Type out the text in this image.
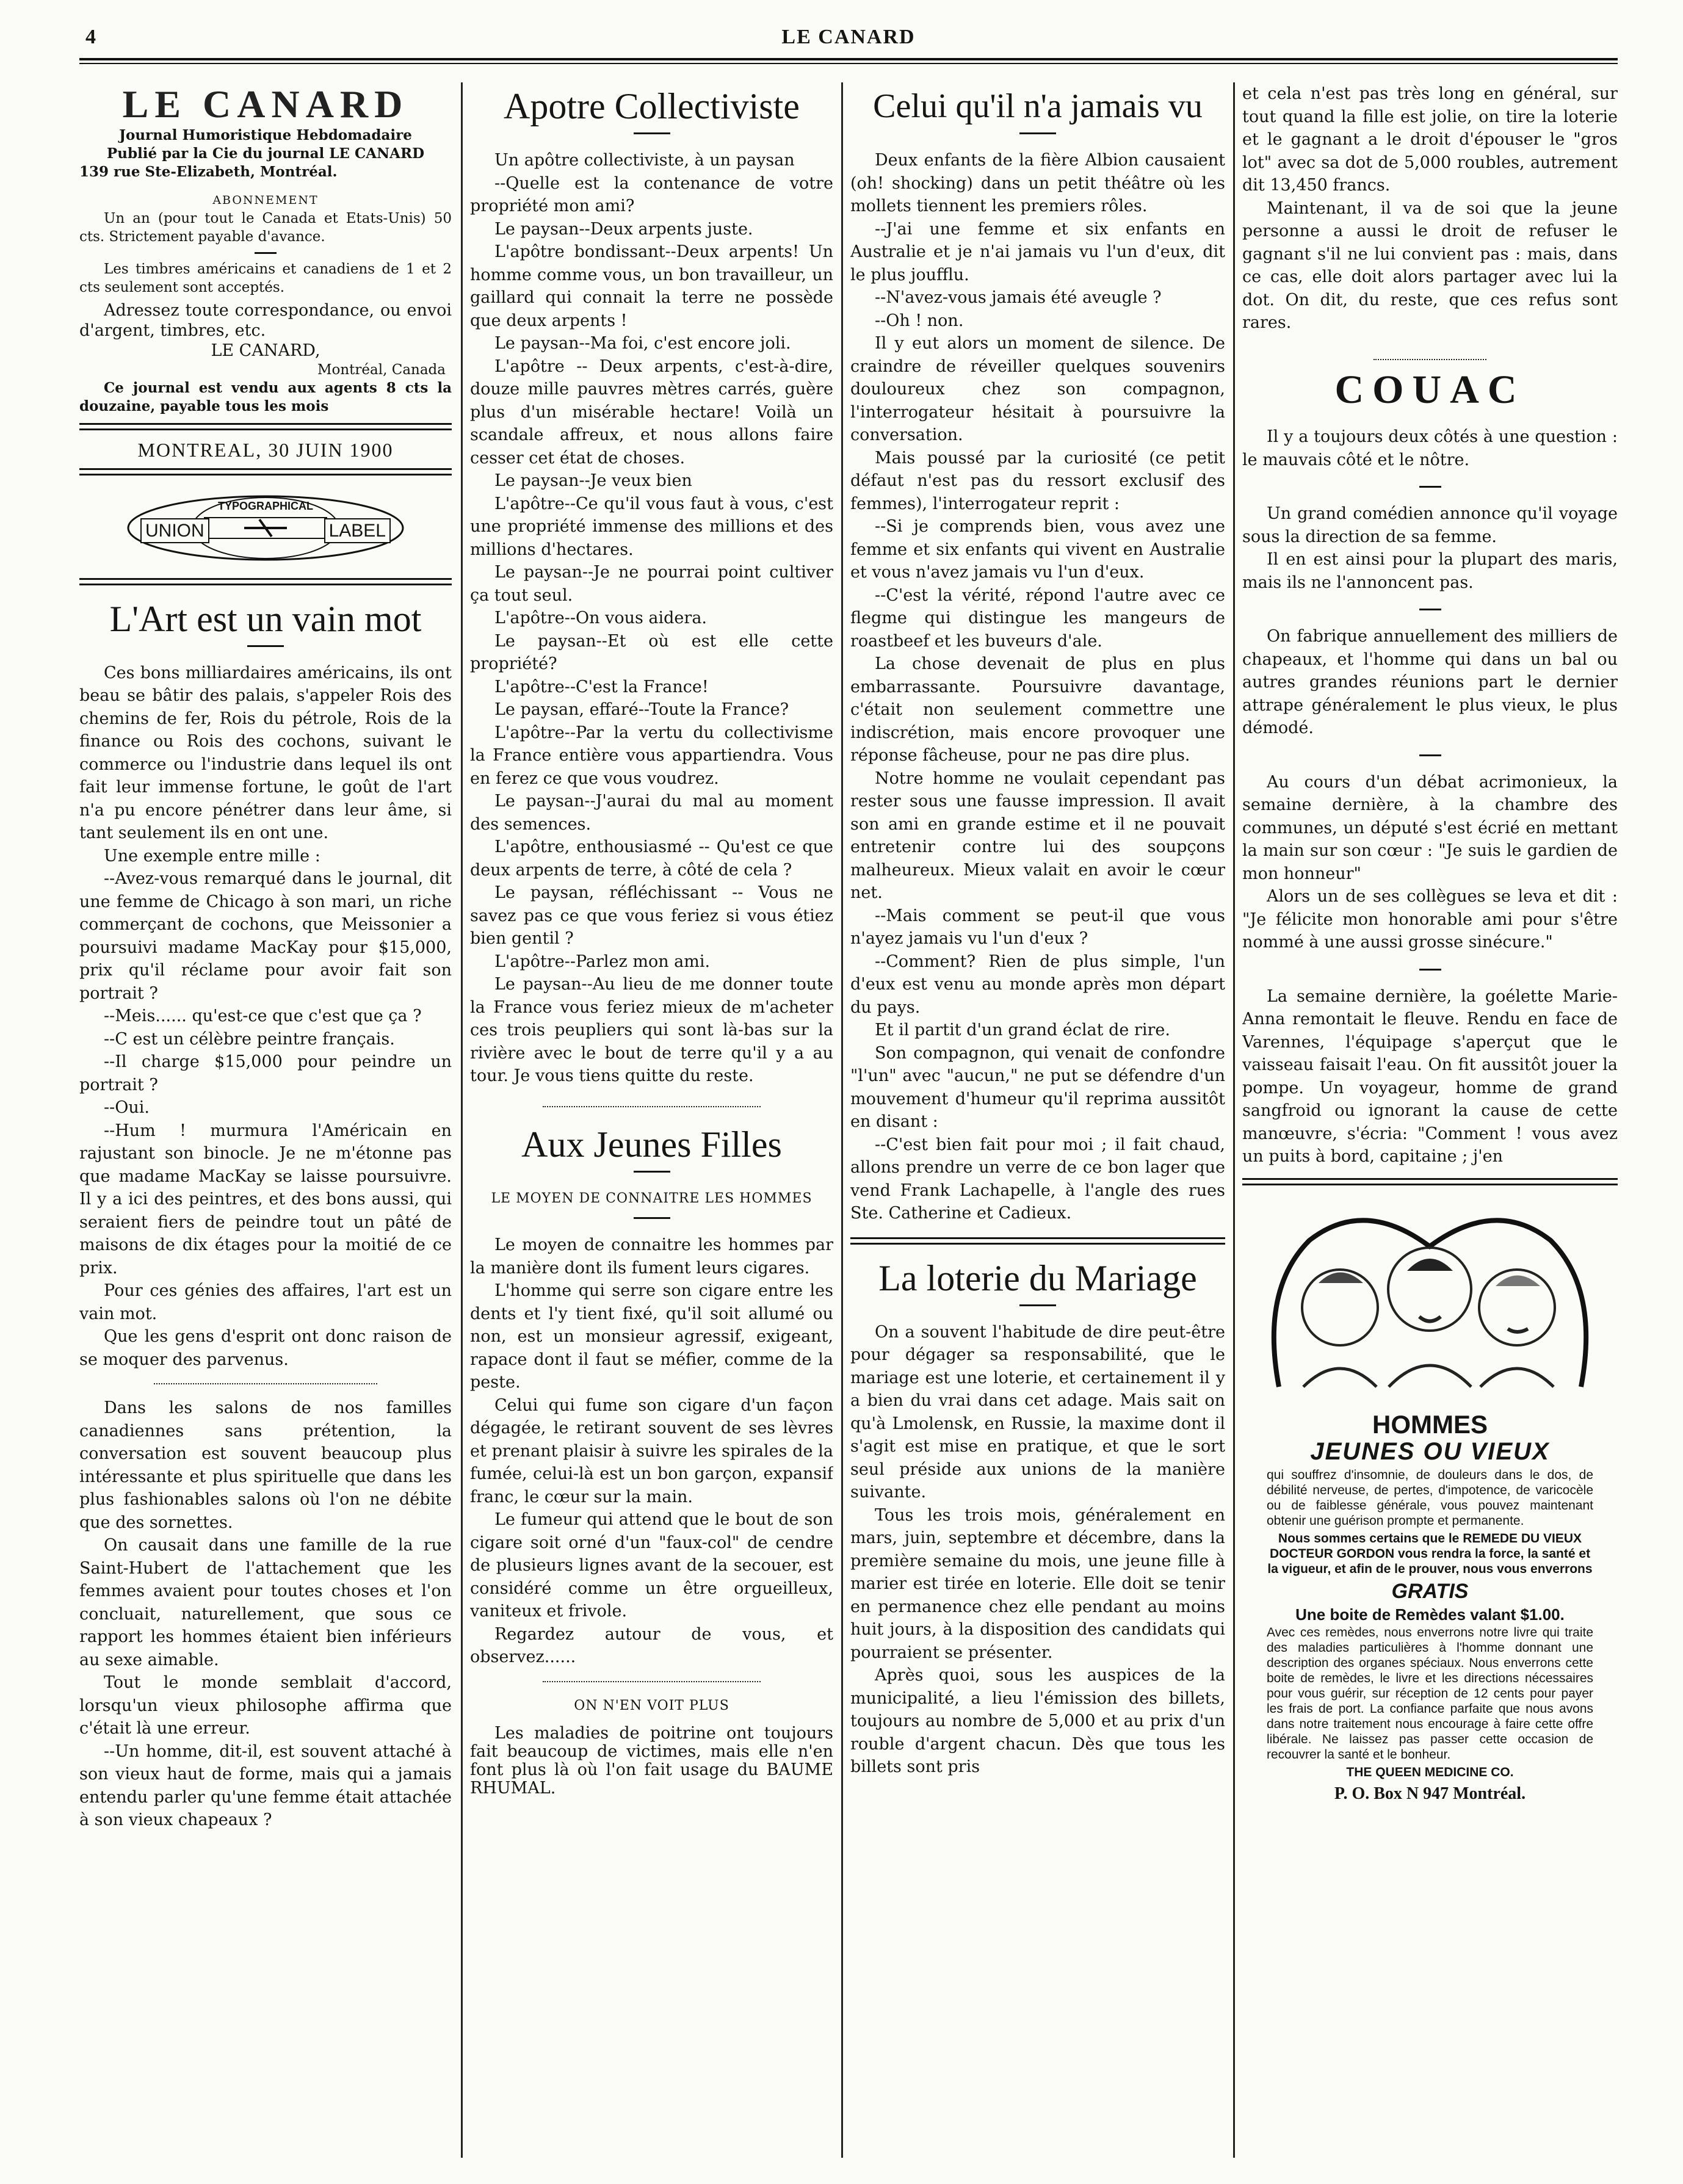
4	LE CANARD
LE CANARD
Journal Humoristique Hebdomadaire
Publié par la Cie du journal LE CANARD
139 rue Ste-Elizabeth, Montréal.
ABONNEMENT

Un an (pour tout le Canada et Etats-Unis) 50 cts. Strictement payable d'avance.

Les timbres américains et canadiens de 1 et 2 cts seulement sont acceptés.

Adressez toute correspondance, ou envoi d'argent, timbres, etc.

LE CANARD,
Montréal, Canada

Ce journal est vendu aux agents 8 cts la douzaine, payable tous les mois

MONTREAL, 30 JUIN 1900
TYPOGRAPHICAL
UNION	LABEL
L'Art est un vain mot

Ces bons milliardaires américains, ils ont beau se bâtir des palais, s'appeler Rois des chemins de fer, Rois du pétrole, Rois de la finance ou Rois des cochons, suivant le commerce ou l'industrie dans lequel ils ont fait leur immense fortune, le goût de l'art n'a pu encore pénétrer dans leur âme, si tant seulement ils en ont une.

Une exemple entre mille :

--Avez-vous remarqué dans le journal, dit une femme de Chicago à son mari, un riche commerçant de cochons, que Meissonier a poursuivi madame MacKay pour $15,000, prix qu'il réclame pour avoir fait son portrait ?

--Meis...... qu'est-ce que c'est que ça ?

--C est un célèbre peintre français.

--Il charge $15,000 pour peindre un portrait ?

--Oui.

--Hum ! murmura l'Américain en rajustant son binocle. Je ne m'étonne pas que madame MacKay se laisse poursuivre. Il y a ici des peintres, et des bons aussi, qui seraient fiers de peindre tout un pâté de maisons de dix étages pour la moitié de ce prix.

Pour ces génies des affaires, l'art est un vain mot.

Que les gens d'esprit ont donc raison de se moquer des parvenus.

Dans les salons de nos familles canadiennes sans prétention, la conversation est souvent beaucoup plus intéressante et plus spirituelle que dans les plus fashionables salons où l'on ne débite que des sornettes.

On causait dans une famille de la rue Saint-Hubert de l'attachement que les femmes avaient pour toutes choses et l'on concluait, naturellement, que sous ce rapport les hommes étaient bien inférieurs au sexe aimable.

Tout le monde semblait d'accord, lorsqu'un vieux philosophe affirma que c'était là une erreur.

--Un homme, dit-il, est souvent attaché à son vieux haut de forme, mais qui a jamais entendu parler qu'une femme était attachée à son vieux chapeaux ?

Apotre Collectiviste

Un apôtre collectiviste, à un paysan

--Quelle est la contenance de votre propriété mon ami?

Le paysan--Deux arpents juste.

L'apôtre bondissant--Deux arpents! Un homme comme vous, un bon travailleur, un gaillard qui connait la terre ne possède que deux arpents !

Le paysan--Ma foi, c'est encore joli.

L'apôtre -- Deux arpents, c'est-à-dire, douze mille pauvres mètres carrés, guère plus d'un misérable hectare! Voilà un scandale affreux, et nous allons faire cesser cet état de choses.

Le paysan--Je veux bien

L'apôtre--Ce qu'il vous faut à vous, c'est une propriété immense des millions et des millions d'hectares.

Le paysan--Je ne pourrai point cultiver ça tout seul.

L'apôtre--On vous aidera.

Le paysan--Et où est elle cette propriété?

L'apôtre--C'est la France!

Le paysan, effaré--Toute la France?

L'apôtre--Par la vertu du collectivisme la France entière vous appartiendra. Vous en ferez ce que vous voudrez.

Le paysan--J'aurai du mal au moment des semences.

L'apôtre, enthousiasmé -- Qu'est ce que deux arpents de terre, à côté de cela ?

Le paysan, réfléchissant -- Vous ne savez pas ce que vous feriez si vous étiez bien gentil ?

L'apôtre--Parlez mon ami.

Le paysan--Au lieu de me donner toute la France vous feriez mieux de m'acheter ces trois peupliers qui sont là-bas sur la rivière avec le bout de terre qu'il y a au tour. Je vous tiens quitte du reste.

Aux Jeunes Filles
LE MOYEN DE CONNAITRE LES HOMMES

Le moyen de connaitre les hommes par la manière dont ils fument leurs cigares.

L'homme qui serre son cigare entre les dents et l'y tient fixé, qu'il soit allumé ou non, est un monsieur agressif, exigeant, rapace dont il faut se méfier, comme de la peste.

Celui qui fume son cigare d'un façon dégagée, le retirant souvent de ses lèvres et prenant plaisir à suivre les spirales de la fumée, celui-là est un bon garçon, expansif franc, le cœur sur la main.

Le fumeur qui attend que le bout de son cigare soit orné d'un "faux-col" de cendre de plusieurs lignes avant de la secouer, est considéré comme un être orgueilleux, vaniteux et frivole.

Regardez autour de vous, et observez......

ON N'EN VOIT PLUS

Les maladies de poitrine ont toujours fait beaucoup de victimes, mais elle n'en font plus là où l'on fait usage du BAUME RHUMAL.

Celui qu'il n'a jamais vu

Deux enfants de la fière Albion causaient (oh! shocking) dans un petit théâtre où les mollets tiennent les premiers rôles.

--J'ai une femme et six enfants en Australie et je n'ai jamais vu l'un d'eux, dit le plus joufflu.

--N'avez-vous jamais été aveugle ?

--Oh ! non.

Il y eut alors un moment de silence. De craindre de réveiller quelques souvenirs douloureux chez son compagnon, l'interrogateur hésitait à poursuivre la conversation.

Mais poussé par la curiosité (ce petit défaut n'est pas du ressort exclusif des femmes), l'interrogateur reprit :

--Si je comprends bien, vous avez une femme et six enfants qui vivent en Australie et vous n'avez jamais vu l'un d'eux.

--C'est la vérité, répond l'autre avec ce flegme qui distingue les mangeurs de roastbeef et les buveurs d'ale.

La chose devenait de plus en plus embarrassante. Poursuivre davantage, c'était non seulement commettre une indiscrétion, mais encore provoquer une réponse fâcheuse, pour ne pas dire plus.

Notre homme ne voulait cependant pas rester sous une fausse impression. Il avait son ami en grande estime et il ne pouvait entretenir contre lui des soupçons malheureux. Mieux valait en avoir le cœur net.

--Mais comment se peut-il que vous n'ayez jamais vu l'un d'eux ?

--Comment? Rien de plus simple, l'un d'eux est venu au monde après mon départ du pays.

Et il partit d'un grand éclat de rire.

Son compagnon, qui venait de confondre "l'un" avec "aucun," ne put se défendre d'un mouvement d'humeur qu'il reprima aussitôt en disant :

--C'est bien fait pour moi ; il fait chaud, allons prendre un verre de ce bon lager que vend Frank Lachapelle, à l'angle des rues Ste. Catherine et Cadieux.

La loterie du Mariage

On a souvent l'habitude de dire peut-être pour dégager sa responsabilité, que le mariage est une loterie, et certainement il y a bien du vrai dans cet adage. Mais sait on qu'à Lmolensk, en Russie, la maxime dont il s'agit est mise en pratique, et que le sort seul préside aux unions de la manière suivante.

Tous les trois mois, généralement en mars, juin, septembre et décembre, dans la première semaine du mois, une jeune fille à marier est tirée en loterie. Elle doit se tenir en permanence chez elle pendant au moins huit jours, à la disposition des candidats qui pourraient se présenter.

Après quoi, sous les auspices de la municipalité, a lieu l'émission des billets, toujours au nombre de 5,000 et au prix d'un rouble d'argent chacun. Dès que tous les billets sont pris

et cela n'est pas très long en général, sur tout quand la fille est jolie, on tire la loterie et le gagnant a le droit d'épouser le "gros lot" avec sa dot de 5,000 roubles, autrement dit 13,450 francs.

Maintenant, il va de soi que la jeune personne a aussi le droit de refuser le gagnant s'il ne lui convient pas : mais, dans ce cas, elle doit alors partager avec lui la dot. On dit, du reste, que ces refus sont rares.

COUAC

Il y a toujours deux côtés à une question : le mauvais côté et le nôtre.

Un grand comédien annonce qu'il voyage sous la direction de sa femme.

Il en est ainsi pour la plupart des maris, mais ils ne l'annoncent pas.

On fabrique annuellement des milliers de chapeaux, et l'homme qui dans un bal ou autres grandes réunions part le dernier attrape généralement le plus vieux, le plus démodé.

Au cours d'un débat acrimonieux, la semaine dernière, à la chambre des communes, un député s'est écrié en mettant la main sur son cœur : "Je suis le gardien de mon honneur"

Alors un de ses collègues se leva et dit : "Je félicite mon honorable ami pour s'être nommé à une aussi grosse sinécure."

La semaine dernière, la goélette Marie-Anna remontait le fleuve. Rendu en face de Varennes, l'équipage s'aperçut que le vaisseau faisait l'eau. On fit aussitôt jouer la pompe. Un voyageur, homme de grand sangfroid ou ignorant la cause de cette manœuvre, s'écria: "Comment ! vous avez un puits à bord, capitaine ; j'en

HOMMES
JEUNES OU VIEUX
qui souffrez d'insomnie, de douleurs dans le dos, de débilité nerveuse, de pertes, d'impotence, de varicocèle ou de faiblesse générale, vous pouvez maintenant obtenir une guérison prompte et permanente.
Nous sommes certains que le REMEDE DU VIEUX DOCTEUR GORDON vous rendra la force, la santé et la vigueur, et afin de le prouver, nous vous enverrons
GRATIS
Une boite de Remèdes valant $1.00.
Avec ces remèdes, nous enverrons notre livre qui traite des maladies particulières à l'homme donnant une description des organes spéciaux. Nous enverrons cette boite de remèdes, le livre et les directions nécessaires pour vous guérir, sur réception de 12 cents pour payer les frais de port. La confiance parfaite que nous avons dans notre traitement nous encourage à faire cette offre libérale. Ne laissez pas passer cette occasion de recouvrer la santé et le bonheur.
THE QUEEN MEDICINE CO.
P. O. Box N 947 Montréal.
